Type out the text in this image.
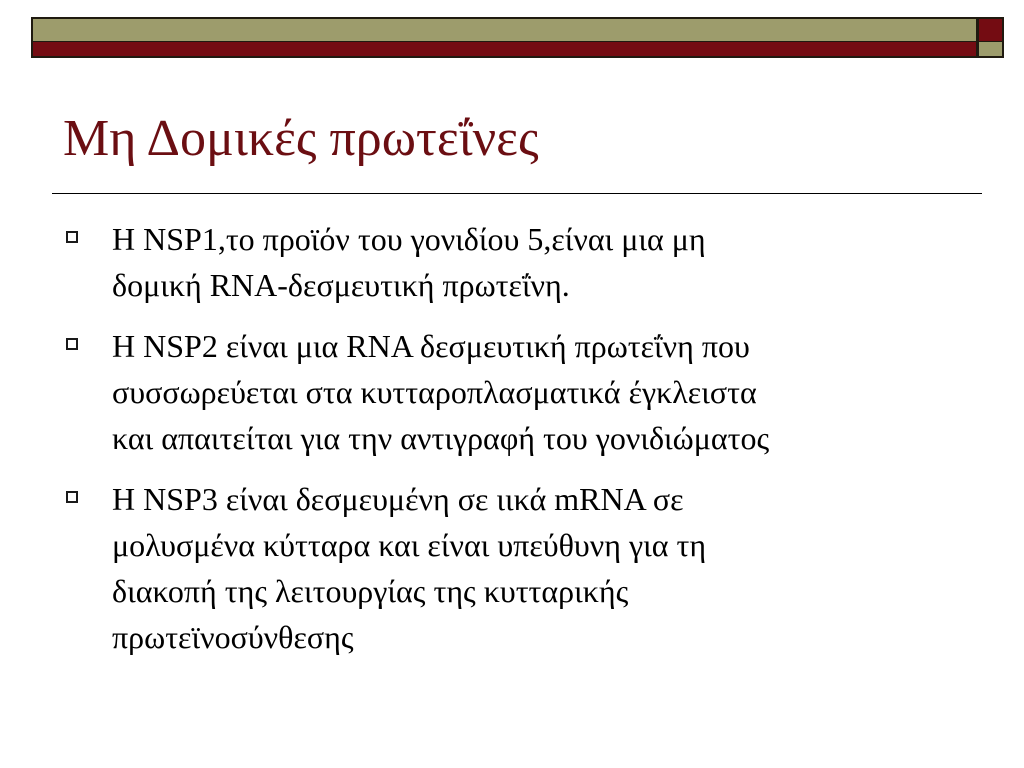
Μη Δομικές πρωτεΐνες
Η NSP1,το προϊόν του γονιδίου 5,είναι μια μη
δομική RNA-δεσμευτική πρωτεΐνη.
Η NSP2 είναι μια RNA δεσμευτική πρωτεΐνη που
συσσωρεύεται στα κυτταροπλασματικά έγκλειστα
και απαιτείται για την αντιγραφή του γονιδιώματος
Η NSP3 είναι δεσμευμένη σε ιικά mRNA σε
μολυσμένα κύτταρα και είναι υπεύθυνη για τη
διακοπή της λειτουργίας της κυτταρικής
πρωτεϊνοσύνθεσης
